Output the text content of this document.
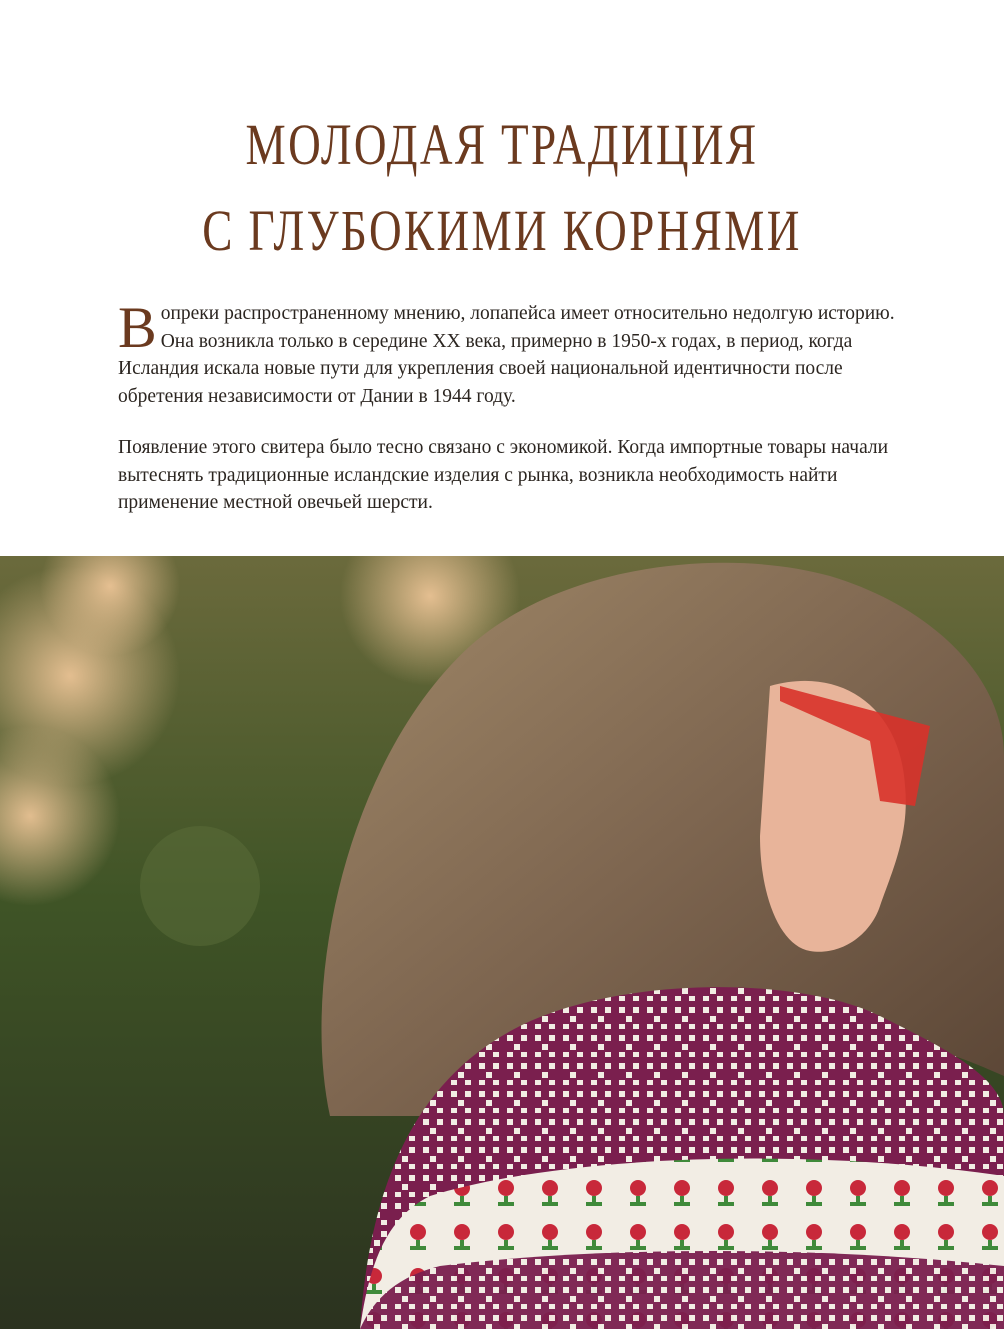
МОЛОДАЯ ТРАДИЦИЯ
С ГЛУБОКИМИ КОРНЯМИ

Вопреки распространенному мнению, лопапейса имеет относительно недолгую историю. Она возникла только в середине XX века, примерно в 1950-х годах, в период, когда Исландия искала новые пути для укрепления своей национальной идентичности после обретения независимости от Дании в 1944 году.

Появление этого свитера было тесно связано с экономикой. Когда импортные товары начали вытеснять традиционные исландские изделия с рынка, возникла необходимость найти применение местной овечьей шерсти.
